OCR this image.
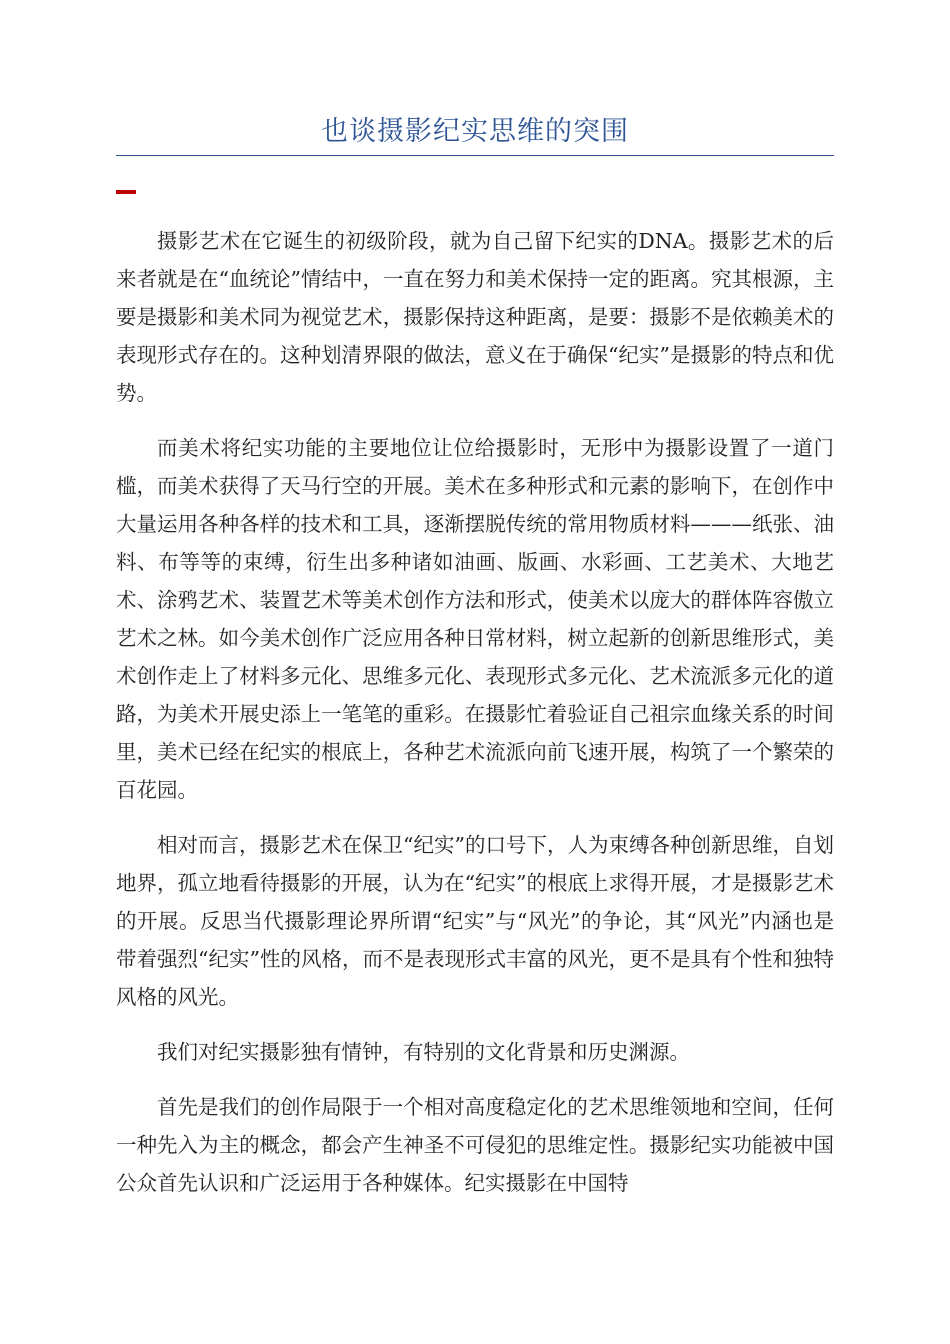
也谈摄影纪实思维的突围

摄影艺术在它诞生的初级阶段，就为自己留下纪实的DNA。摄影艺术的后来者就是在“血统论”情结中，一直在努力和美术保持一定的距离。究其根源，主要是摄影和美术同为视觉艺术，摄影保持这种距离，是要：摄影不是依赖美术的表现形式存在的。这种划清界限的做法，意义在于确保“纪实”是摄影的特点和优势。

而美术将纪实功能的主要地位让位给摄影时，无形中为摄影设置了一道门槛，而美术获得了天马行空的开展。美术在多种形式和元素的影响下，在创作中大量运用各种各样的技术和工具，逐渐摆脱传统的常用物质材料———纸张、油料、布等等的束缚，衍生出多种诸如油画、版画、水彩画、工艺美术、大地艺术、涂鸦艺术、装置艺术等美术创作方法和形式，使美术以庞大的群体阵容傲立艺术之林。如今美术创作广泛应用各种日常材料，树立起新的创新思维形式，美术创作走上了材料多元化、思维多元化、表现形式多元化、艺术流派多元化的道路，为美术开展史添上一笔笔的重彩。在摄影忙着验证自己祖宗血缘关系的时间里，美术已经在纪实的根底上，各种艺术流派向前飞速开展，构筑了一个繁荣的百花园。

相对而言，摄影艺术在保卫“纪实”的口号下，人为束缚各种创新思维，自划地界，孤立地看待摄影的开展，认为在“纪实”的根底上求得开展，才是摄影艺术的开展。反思当代摄影理论界所谓“纪实”与“风光”的争论，其“风光”内涵也是带着强烈“纪实”性的风格，而不是表现形式丰富的风光，更不是具有个性和独特风格的风光。

我们对纪实摄影独有情钟，有特别的文化背景和历史渊源。

首先是我们的创作局限于一个相对高度稳定化的艺术思维领地和空间，任何一种先入为主的概念，都会产生神圣不可侵犯的思维定性。摄影纪实功能被中国公众首先认识和广泛运用于各种媒体。纪实摄影在中国特
